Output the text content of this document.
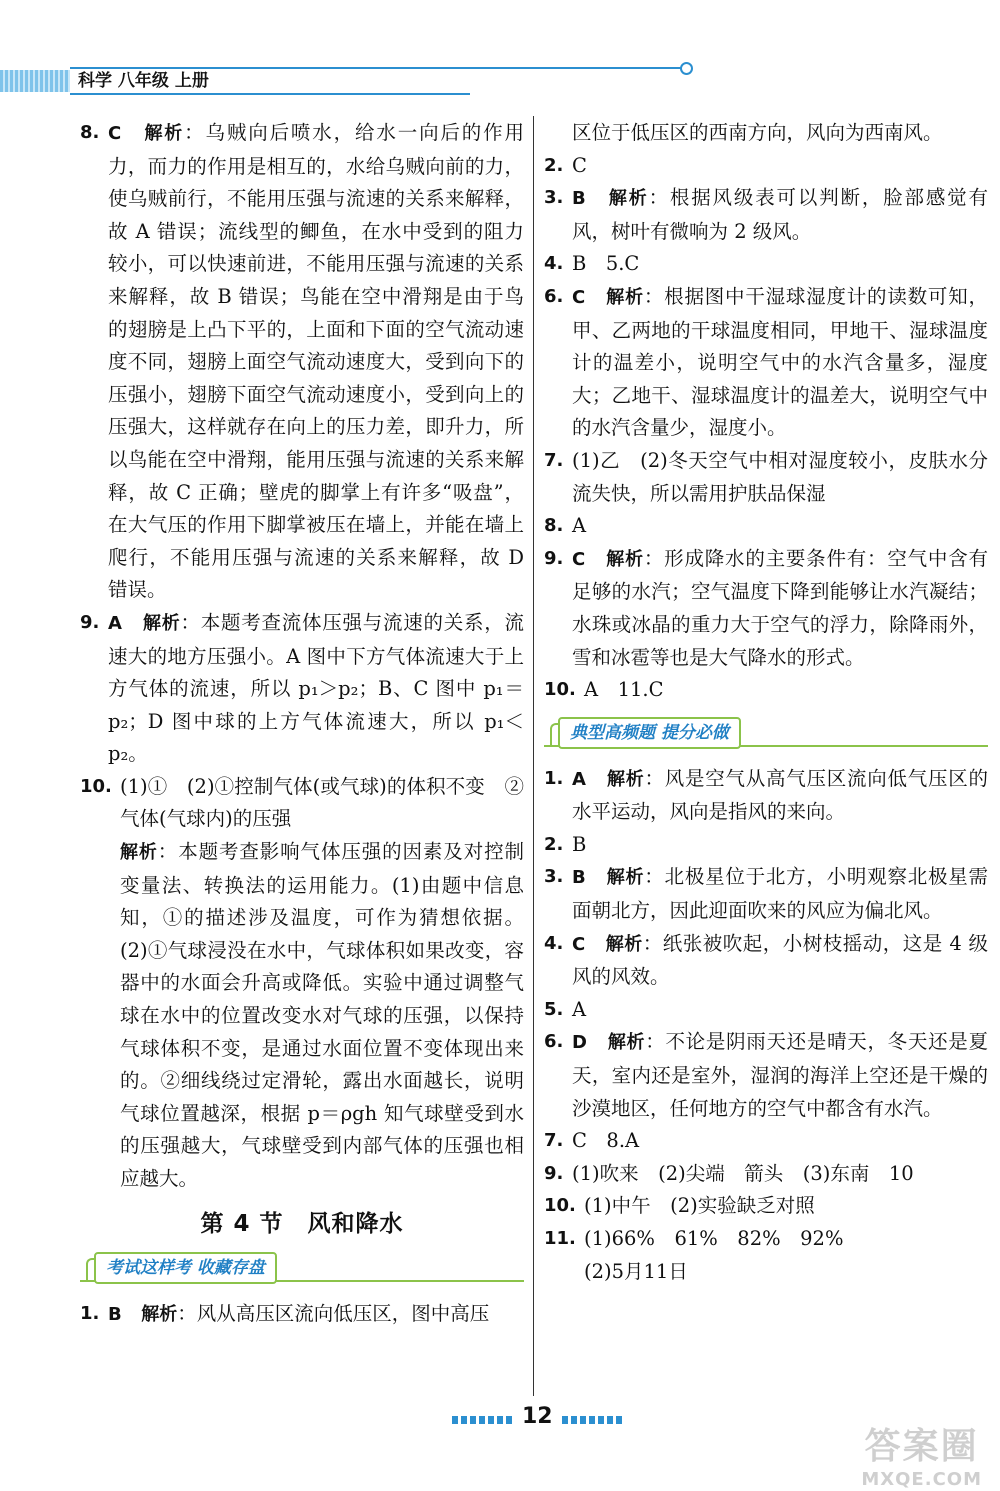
科学 八年级 上册
8. C　 解析：乌贼向后喷水，给水一向后的作用力，而力的作用是相互的，水给乌贼向前的力，使乌贼前行，不能用压强与流速的关系来解释，故 A 错误；流线型的鲫鱼，在水中受到的阻力较小，可以快速前进，不能用压强与流速的关系来解释，故 B 错误；鸟能在空中滑翔是由于鸟的翅膀是上凸下平的，上面和下面的空气流动速度不同，翅膀上面空气流动速度大，受到向下的压强小，翅膀下面空气流动速度小，受到向上的压强大，这样就存在向上的压力差，即升力，所以鸟能在空中滑翔，能用压强与流速的关系来解释，故 C 正确；壁虎的脚掌上有许多“吸盘”，在大气压的作用下脚掌被压在墙上，并能在墙上爬行，不能用压强与流速的关系来解释，故 D 错误。
9. A　 解析：本题考查流体压强与流速的关系，流速大的地方压强小。A 图中下方气体流速大于上方气体的流速，所以 p₁＞p₂；B、C 图中 p₁＝p₂；D 图中球的上方气体流速大，所以 p₁＜p₂。
10. (1)①　(2)①控制气体(或气球)的体积不变　②气体(气球内)的压强
解析：本题考查影响气体压强的因素及对控制变量法、转换法的运用能力。(1)由题中信息知，①的描述涉及温度，可作为猜想依据。(2)①气球浸没在水中，气球体积如果改变，容器中的水面会升高或降低。实验中通过调整气球在水中的位置改变水对气球的压强，以保持气球体积不变，是通过水面位置不变体现出来的。②细线绕过定滑轮，露出水面越长，说明气球位置越深，根据 p＝ρgh 知气球壁受到水的压强越大，气球壁受到内部气体的压强也相应越大。
第 4 节　风和降水
考试这样考 收藏存盘
1. B　 解析：风从高压区流向低压区，图中高压
区位于低压区的西南方向，风向为西南风。
2. C
3. B　 解析：根据风级表可以判断，脸部感觉有风，树叶有微响为 2 级风。
4. B　5.C
6. C　 解析：根据图中干湿球湿度计的读数可知，甲、乙两地的干球温度相同，甲地干、湿球温度计的温差小，说明空气中的水汽含量多，湿度大；乙地干、湿球温度计的温差大，说明空气中的水汽含量少，湿度小。
7. (1)乙　(2)冬天空气中相对湿度较小，皮肤水分流失快，所以需用护肤品保湿
8. A
9. C　 解析：形成降水的主要条件有：空气中含有足够的水汽；空气温度下降到能够让水汽凝结；水珠或冰晶的重力大于空气的浮力，除降雨外，雪和冰雹等也是大气降水的形式。
10. A　11.C
典型高频题 提分必做
1. A　 解析：风是空气从高气压区流向低气压区的水平运动，风向是指风的来向。
2. B
3. B　 解析：北极星位于北方，小明观察北极星需面朝北方，因此迎面吹来的风应为偏北风。
4. C　 解析：纸张被吹起，小树枝摇动，这是 4 级风的风效。
5. A
6. D　 解析：不论是阴雨天还是晴天，冬天还是夏天，室内还是室外，湿润的海洋上空还是干燥的沙漠地区，任何地方的空气中都含有水汽。
7. C　8.A
9. (1)吹来　(2)尖端　箭头　(3)东南　10
10. (1)中午　(2)实验缺乏对照
11. (1)66%　61%　82%　92%
(2)5月11日
12
答案圈
MXQE.COM
